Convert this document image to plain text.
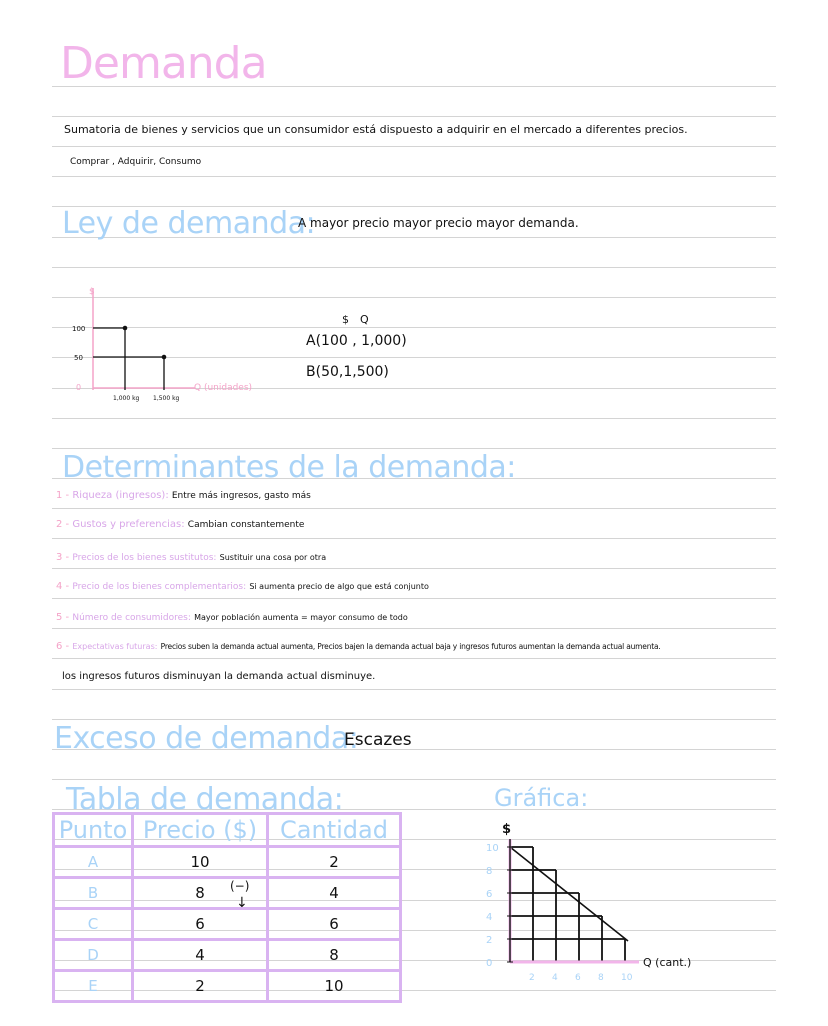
Demanda
Sumatoria de bienes y servicios que un consumidor está dispuesto a adquirir en el mercado a diferentes precios.
Comprar , Adquirir, Consumo
Ley de demanda:
A mayor precio mayor precio mayor demanda.
$
100
50
0
1,000 kg 1,500 kg
Q (unidades)
$ Q
A(100 , 1,000)
B(50,1,500)
Determinantes de la demanda:
1 - Riqueza (ingresos): Entre más ingresos, gasto más
2 - Gustos y preferencias: Cambian constantemente
3 - Precios de los bienes sustitutos: Sustituir una cosa por otra
4 - Precio de los bienes complementarios: Si aumenta precio de algo que está conjunto
5 - Número de consumidores: Mayor población aumenta = mayor consumo de todo
6 - Expectativas futuras: Precios suben la demanda actual aumenta, Precios bajen la demanda actual baja y ingresos futuros aumentan la demanda actual aumenta.
los ingresos futuros disminuyan la demanda actual disminuye.
Exceso de demanda:
Escazes
Tabla de demanda:
Punto	Precio ($)	Cantidad
A	10	2
B	8	4
C	6	6
D	4	8
E	2	10
(−)
↓
Gráfica:
0
2
4
6
8
10
2 4 6 8 10
$
Q (cant.)
